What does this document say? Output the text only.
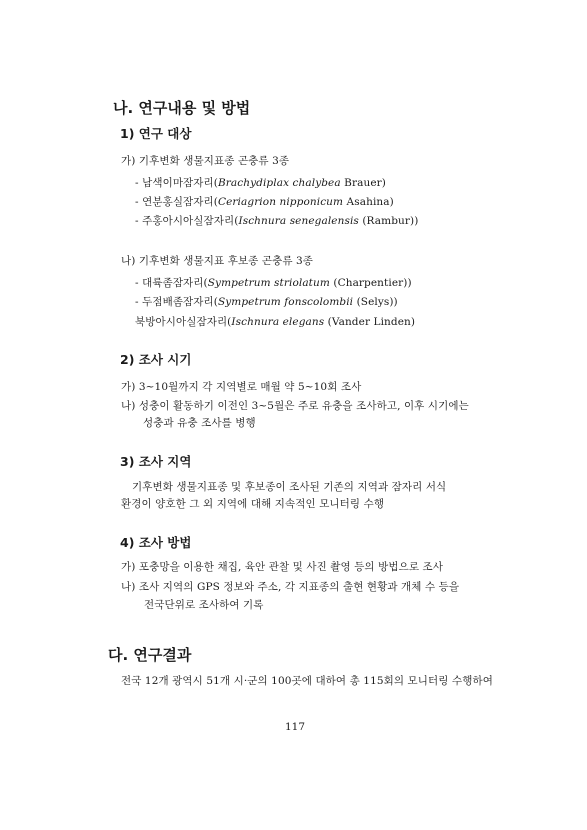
나. 연구내용 및 방법
1) 연구 대상
가) 기후변화 생물지표종 곤충류 3종
- 남색이마잠자리(Brachydiplax chalybea Brauer)
- 연분홍실잠자리(Ceriagrion nipponicum Asahina)
- 주홍아시아실잠자리(Ischnura senegalensis (Rambur))
나) 기후변화 생물지표 후보종 곤충류 3종
- 대륙좀잠자리(Sympetrum striolatum (Charpentier))
- 두점배좀잠자리(Sympetrum fonscolombii (Selys))
북방아시아실잠자리(Ischnura elegans (Vander Linden)
2) 조사 시기
가) 3~10월까지 각 지역별로 매월 약 5~10회 조사
나) 성충이 활동하기 이전인 3~5월은 주로 유충을 조사하고, 이후 시기에는
성충과 유충 조사를 병행
3) 조사 지역
기후변화 생물지표종 및 후보종이 조사된 기존의 지역과 잠자리 서식
환경이 양호한 그 외 지역에 대해 지속적인 모니터링 수행
4) 조사 방법
가) 포충망을 이용한 채집, 육안 관찰 및 사진 촬영 등의 방법으로 조사
나) 조사 지역의 GPS 정보와 주소, 각 지표종의 출현 현황과 개체 수 등을
전국단위로 조사하여 기록
다. 연구결과
전국 12개 광역시 51개 시·군의 100곳에 대하여 총 115회의 모니터링 수행하여
117
